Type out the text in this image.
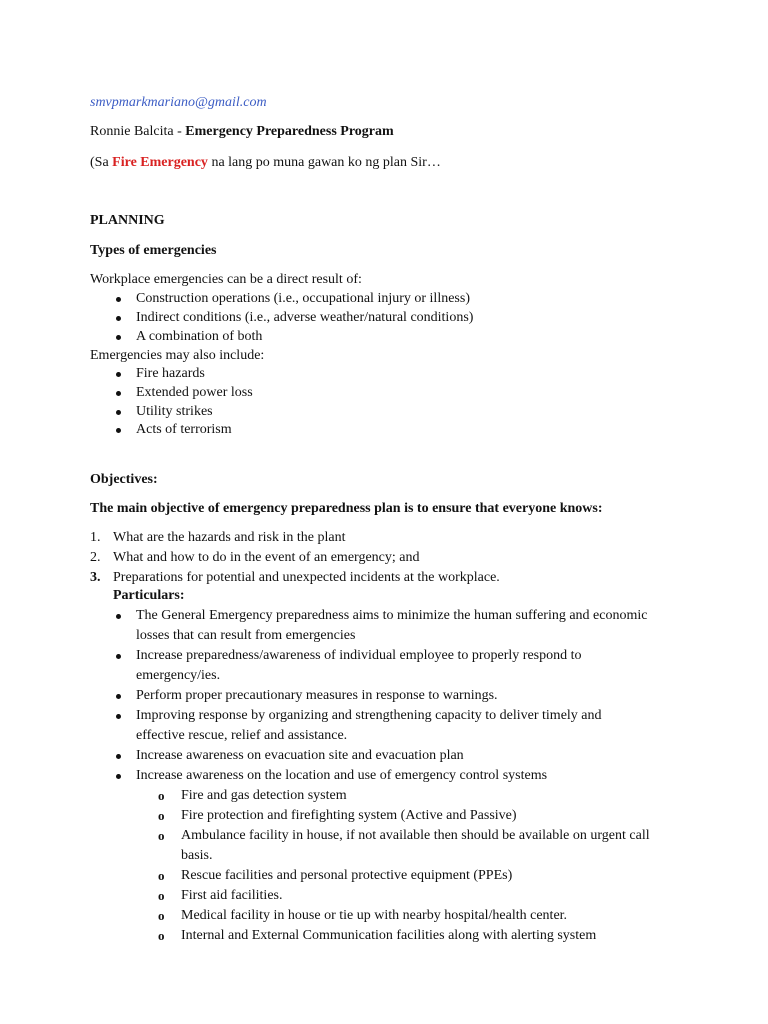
smvpmarkmariano@gmail.com
Ronnie Balcita - Emergency Preparedness Program
(Sa Fire Emergency na lang po muna gawan ko ng plan Sir…
PLANNING
Types of emergencies
Workplace emergencies can be a direct result of:
Construction operations (i.e., occupational injury or illness)
Indirect conditions (i.e., adverse weather/natural conditions)
A combination of both
Emergencies may also include:
Fire hazards
Extended power loss
Utility strikes
Acts of terrorism
Objectives:
The main objective of emergency preparedness plan is to ensure that everyone knows:
1. What are the hazards and risk in the plant
2. What and how to do in the event of an emergency; and
3. Preparations for potential and unexpected incidents at the workplace.
Particulars:
The General Emergency preparedness aims to minimize the human suffering and economic losses that can result from emergencies
Increase preparedness/awareness of individual employee to properly respond to emergency/ies.
Perform proper precautionary measures in response to warnings.
Improving response by organizing and strengthening capacity to deliver timely and effective rescue, relief and assistance.
Increase awareness on evacuation site and evacuation plan
Increase awareness on the location and use of emergency control systems
o Fire and gas detection system
o Fire protection and firefighting system (Active and Passive)
o Ambulance facility in house, if not available then should be available on urgent call basis.
o Rescue facilities and personal protective equipment (PPEs)
o First aid facilities.
o Medical facility in house or tie up with nearby hospital/health center.
o Internal and External Communication facilities along with alerting system
